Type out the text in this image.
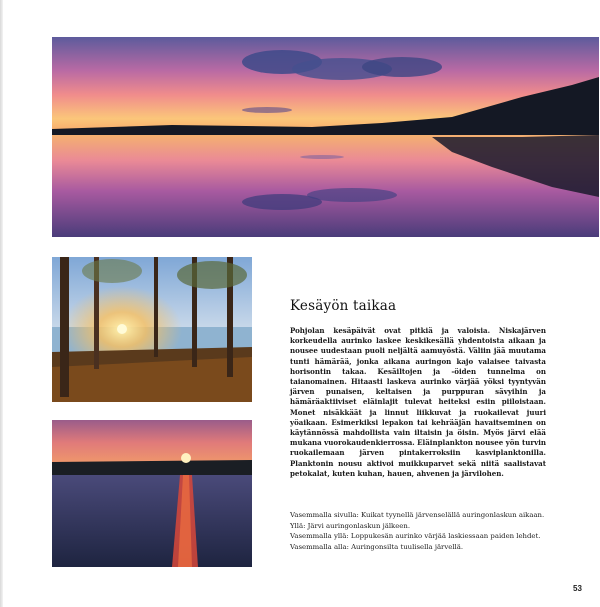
Kesäyön taikaa

Pohjolan kesäpäivät ovat pitkiä ja valoisia. Niskajärven korkeudella aurinko laskee keskikesällä yhdentoista aikaan ja nousee uudestaan puoli neljältä aamuyöstä. Väliin jää muutama tunti hämärää, jonka aikana auringon kajo valaisee taivasta horisontin takaa. Kesäiltojen ja -öiden tunnelma on taianomainen. Hitaasti laskeva aurinko värjää yöksi tyyntyvän järven punaisen, keltaisen ja purppuran sävyihin ja hämäräaktiiviset eläinlajit tulevat heiteksi esiin piiloistaan. Monet nisäkkäät ja linnut liikkuvat ja ruokailevat juuri yöaikaan. Esimerkiksi lepakon tai kehrääjän havaitseminen on käytännössä mahdollista vain iltaisin ja öisin. Myös järvi elää mukana vuorokaudenkierrossa. Eläinplankton nousee yön turvin ruokailemaan järven pintakerroksiin kasviplanktonilla. Planktonin nousu aktivoi muikkuparvet sekä niitä saalistavat petokalat, kuten kuhan, hauen, ahvenen ja järvilohen.

Vasemmalla sivulla: Kuikat tyynellä järvenselällä auringonlaskun aikaan.
Yllä: Järvi auringonlaskun jälkeen.
Vasemmalla yllä: Loppukesän aurinko värjää laskiessaan paiden lehdet.
Vasemmalla alla: Auringonsilta tuulisella järvellä.
53
